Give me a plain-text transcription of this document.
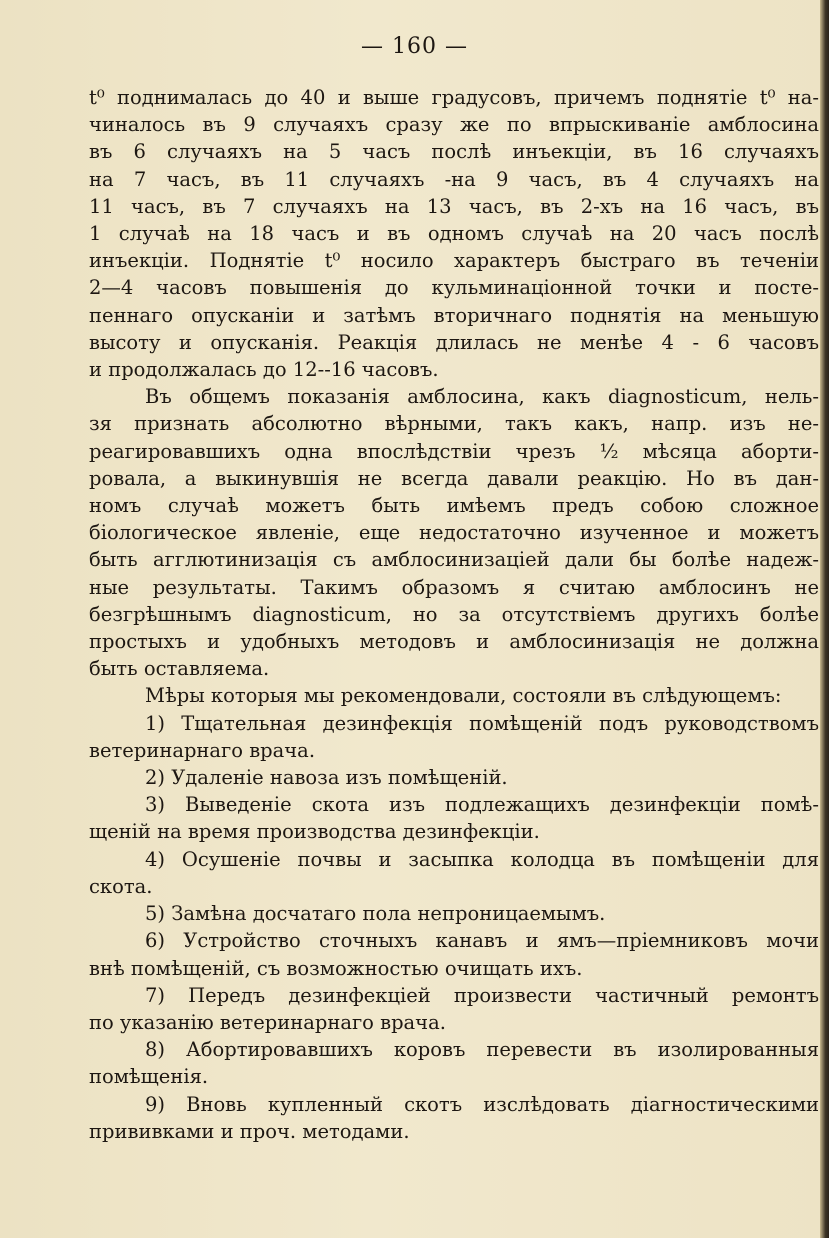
— 160 —

t⁰ поднималась до 40 и выше градусовъ, причемъ поднятіе t⁰ на-
чиналось въ 9 случаяхъ сразу же по впрыскиваніе амблосина
въ 6 случаяхъ на 5 часъ послѣ инъекціи, въ 16 случаяхъ
на 7 часъ, въ 11 случаяхъ -на 9 часъ, въ 4 случаяхъ на
11 часъ, въ 7 случаяхъ на 13 часъ, въ 2-хъ на 16 часъ, въ
1 случаѣ на 18 часъ и въ одномъ случаѣ на 20 часъ послѣ
инъекціи. Поднятіе t⁰ носило характеръ быстраго въ теченіи
2—4 часовъ повышенія до кульминаціонной точки и посте-
пеннаго опусканіи и затѣмъ вторичнаго поднятія на меньшую
высоту и опусканія. Реакція длилась не менѣе 4 - 6 часовъ
и продолжалась до 12--16 часовъ.

Въ общемъ показанія амблосина, какъ diagnosticum, нель-
зя признать абсолютно вѣрными, такъ какъ, напр. изъ не-
реагировавшихъ одна впослѣдствіи чрезъ ½ мѣсяца аборти-
ровала, а выкинувшія не всегда давали реакцію. Но въ дан-
номъ случаѣ можетъ быть имѣемъ предъ собою сложное
біологическое явленіе, еще недостаточно изученное и можетъ
быть агглютинизація съ амблосинизаціей дали бы болѣе надеж-
ные результаты. Такимъ образомъ я считаю амблосинъ не
безгрѣшнымъ diagnosticum, но за отсутствіемъ другихъ болѣе
простыхъ и удобныхъ методовъ и амблосинизація не должна
быть оставляема.

Мѣры которыя мы рекомендовали, состояли въ слѣдующемъ:

1) Тщательная дезинфекція помѣщеній подъ руководствомъ
ветеринарнаго врача.

2) Удаленіе навоза изъ помѣщеній.

3) Выведеніе скота изъ подлежащихъ дезинфекціи помѣ-
щеній на время производства дезинфекціи.

4) Осушеніе почвы и засыпка колодца въ помѣщеніи для
скота.

5) Замѣна досчатаго пола непроницаемымъ.

6) Устройство сточныхъ канавъ и ямъ—пріемниковъ мочи
внѣ помѣщеній, съ возможностью очищать ихъ.

7) Передъ дезинфекціей произвести частичный ремонтъ
по указанію ветеринарнаго врача.

8) Абортировавшихъ коровъ перевести въ изолированныя
помѣщенія.

9) Вновь купленный скотъ изслѣдовать діагностическими
прививками и проч. методами.
